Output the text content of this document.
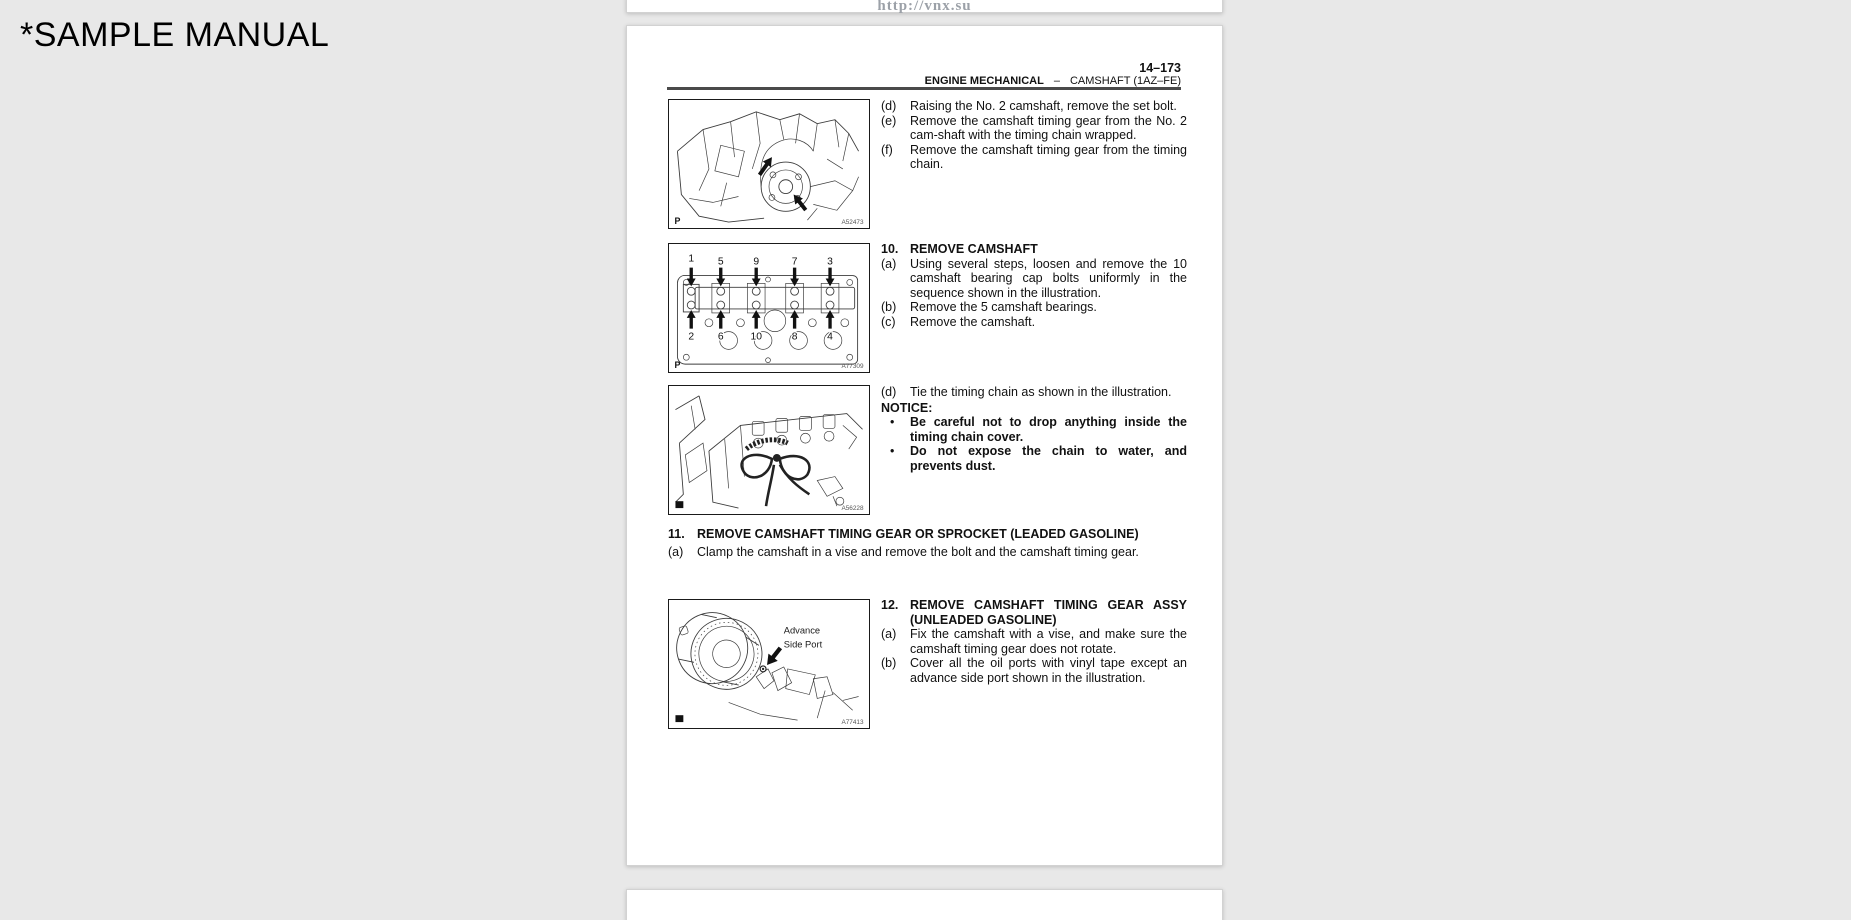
*SAMPLE MANUAL
http://vnx.su
14–173
ENGINE MECHANICAL – CAMSHAFT (1AZ–FE)
P	A52473
1 5	9	7	3
2 6	10	8	4
P	A77309
A56228
Advance
Side Port
A77413
(d)	Raising the No. 2 camshaft, remove the set bolt.
(e)	Remove the camshaft timing gear from the No. 2 cam-shaft with the timing chain wrapped.
(f)	Remove the camshaft timing gear from the timing chain.
10. REMOVE CAMSHAFT
(a)	Using several steps, loosen and remove the 10 camshaft bearing cap bolts uniformly in the sequence shown in the illustration.
(b)	Remove the 5 camshaft bearings.
(c)	Remove the camshaft.
(d)	Tie the timing chain as shown in the illustration.
NOTICE:
•	Be careful not to drop anything inside the timing chain cover.
•	Do not expose the chain to water, and prevents dust.
11. REMOVE CAMSHAFT TIMING GEAR OR SPROCKET (LEADED GASOLINE)
(a)	Clamp the camshaft in a vise and remove the bolt and the camshaft timing gear.
12. REMOVE CAMSHAFT TIMING GEAR ASSY (UNLEADED GASOLINE)
(a)	Fix the camshaft with a vise, and make sure the camshaft timing gear does not rotate.
(b)	Cover all the oil ports with vinyl tape except an advance side port shown in the illustration.
